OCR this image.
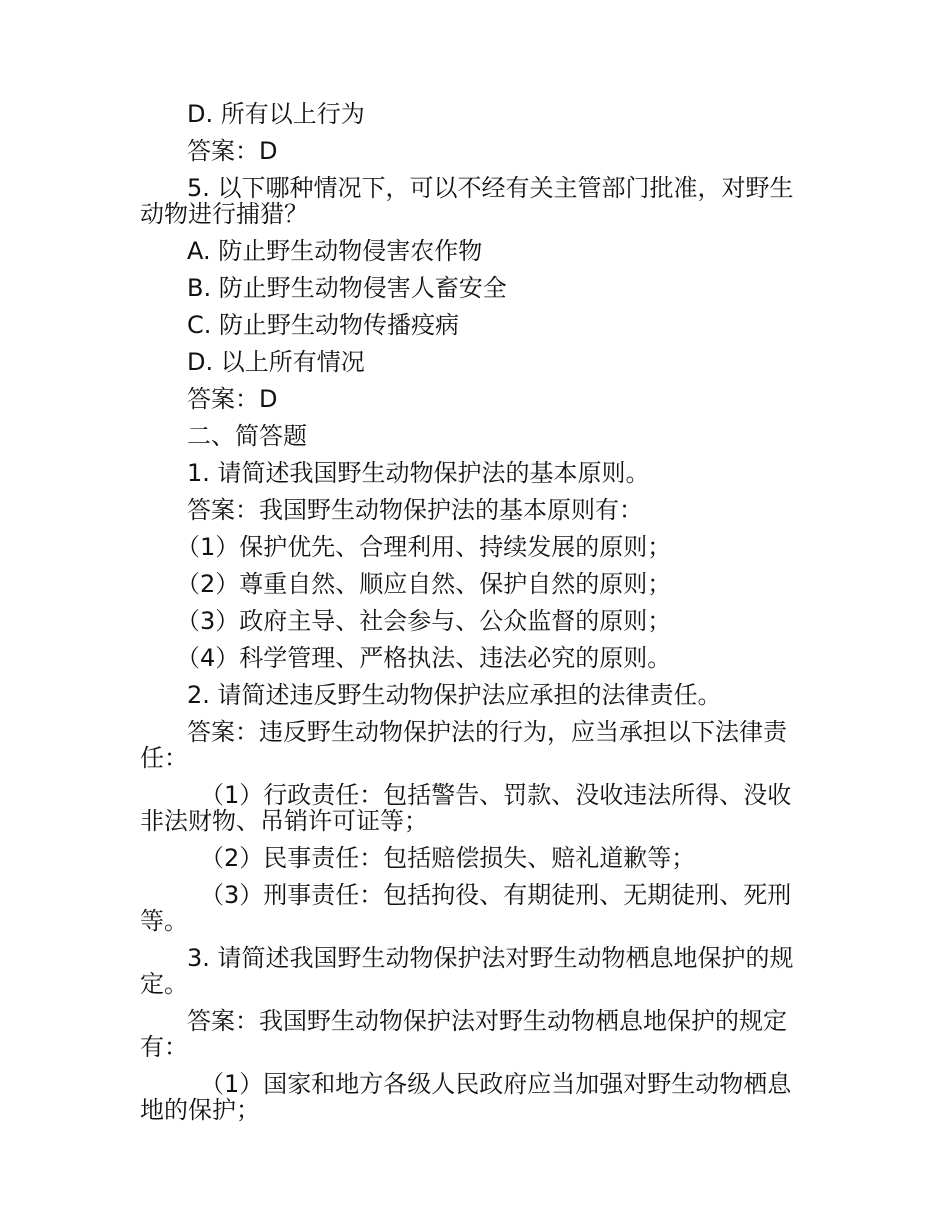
D. 所有以上行为

答案：D

5. 以下哪种情况下，可以不经有关主管部门批准，对野生动物进行捕猎？

A. 防止野生动物侵害农作物

B. 防止野生动物侵害人畜安全

C. 防止野生动物传播疫病

D. 以上所有情况

答案：D

二、简答题

1. 请简述我国野生动物保护法的基本原则。

答案：我国野生动物保护法的基本原则有：

（1）保护优先、合理利用、持续发展的原则；

（2）尊重自然、顺应自然、保护自然的原则；

（3）政府主导、社会参与、公众监督的原则；

（4）科学管理、严格执法、违法必究的原则。

2. 请简述违反野生动物保护法应承担的法律责任。

答案：违反野生动物保护法的行为，应当承担以下法律责任：

（1）行政责任：包括警告、罚款、没收违法所得、没收非法财物、吊销许可证等；

（2）民事责任：包括赔偿损失、赔礼道歉等；

（3）刑事责任：包括拘役、有期徒刑、无期徒刑、死刑等。

3. 请简述我国野生动物保护法对野生动物栖息地保护的规定。

答案：我国野生动物保护法对野生动物栖息地保护的规定有：

（1）国家和地方各级人民政府应当加强对野生动物栖息地的保护；
